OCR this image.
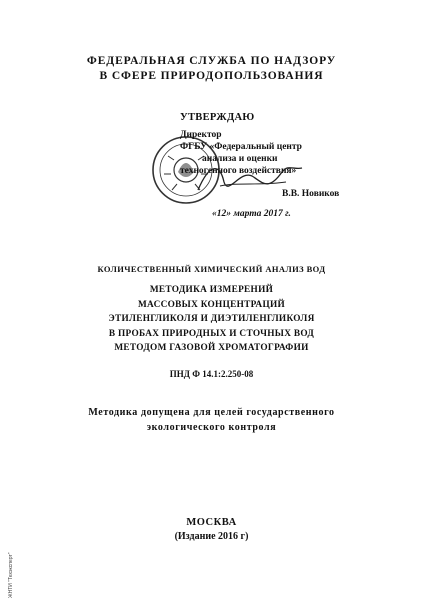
ФЕДЕРАЛЬНАЯ СЛУЖБА ПО НАДЗОРУ
В СФЕРЕ ПРИРОДОПОЛЬЗОВАНИЯ
УТВЕРЖДАЮ
Директор
ФГБУ «Федеральный центр
анализа и оценки
техногенного воздействия»
В.В. Новиков
«12» марта 2017 г.
КОЛИЧЕСТВЕННЫЙ ХИМИЧЕСКИЙ АНАЛИЗ ВОД
МЕТОДИКА ИЗМЕРЕНИЙ
МАССОВЫХ КОНЦЕНТРАЦИЙ
ЭТИЛЕНГЛИКОЛЯ И ДИЭТИЛЕНГЛИКОЛЯ
В ПРОБАХ ПРИРОДНЫХ И СТОЧНЫХ ВОД
МЕТОДОМ ГАЗОВОЙ ХРОМАТОГРАФИИ
ПНД Ф 14.1:2.250-08
Методика допущена для целей государственного
экологического контроля
МОСКВА
(Издание 2016 г)
ЖНТИ "Техэксперт"
